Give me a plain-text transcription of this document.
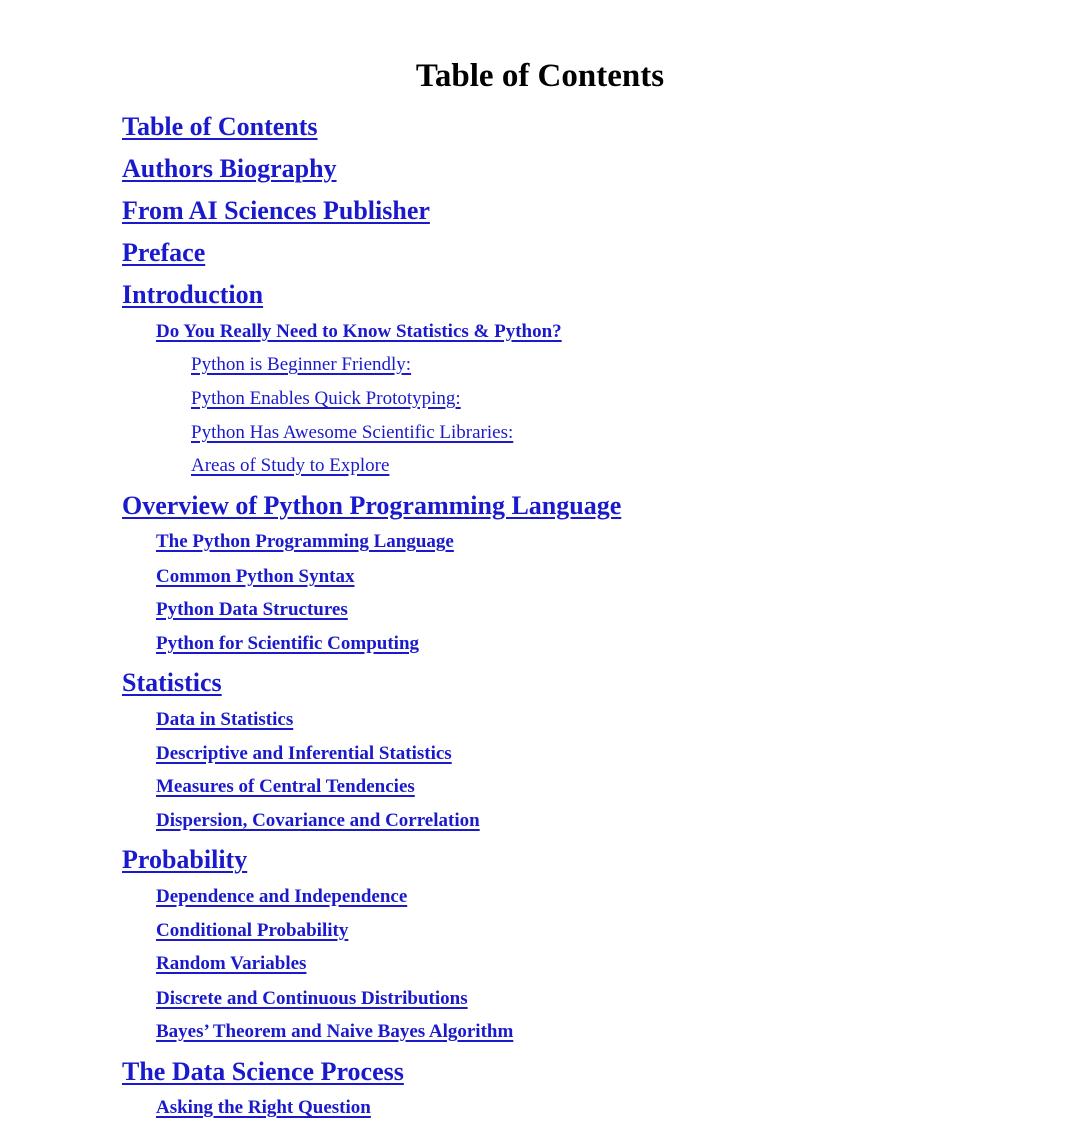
Table of Contents
Table of Contents
Authors Biography
From AI Sciences Publisher
Preface
Introduction
Do You Really Need to Know Statistics & Python?
Python is Beginner Friendly:
Python Enables Quick Prototyping:
Python Has Awesome Scientific Libraries:
Areas of Study to Explore
Overview of Python Programming Language
The Python Programming Language
Common Python Syntax
Python Data Structures
Python for Scientific Computing
Statistics
Data in Statistics
Descriptive and Inferential Statistics
Measures of Central Tendencies
Dispersion, Covariance and Correlation
Probability
Dependence and Independence
Conditional Probability
Random Variables
Discrete and Continuous Distributions
Bayes’ Theorem and Naive Bayes Algorithm
The Data Science Process
Asking the Right Question
